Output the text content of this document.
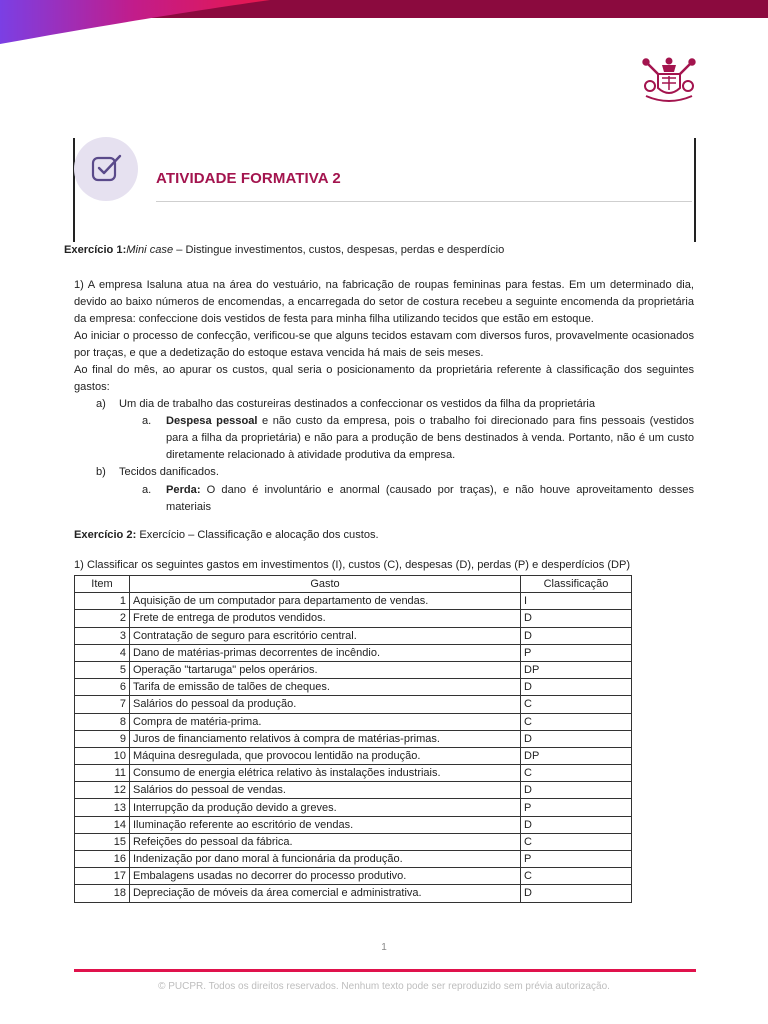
ATIVIDADE FORMATIVA 2
Exercício 1:Mini case – Distingue investimentos, custos, despesas, perdas e desperdício
1) A empresa Isaluna atua na área do vestuário, na fabricação de roupas femininas para festas. Em um determinado dia, devido ao baixo números de encomendas, a encarregada do setor de costura recebeu a seguinte encomenda da proprietária da empresa: confeccione dois vestidos de festa para minha filha utilizando tecidos que estão em estoque.
Ao iniciar o processo de confecção, verificou-se que alguns tecidos estavam com diversos furos, provavelmente ocasionados por traças, e que a dedetização do estoque estava vencida há mais de seis meses.
Ao final do mês, ao apurar os custos, qual seria o posicionamento da proprietária referente à classificação dos seguintes gastos:
a) Um dia de trabalho das costureiras destinados a confeccionar os vestidos da filha da proprietária
a. Despesa pessoal e não custo da empresa, pois o trabalho foi direcionado para fins pessoais (vestidos para a filha da proprietária) e não para a produção de bens destinados à venda. Portanto, não é um custo diretamente relacionado à atividade produtiva da empresa.
b) Tecidos danificados.
a. Perda: O dano é involuntário e anormal (causado por traças), e não houve aproveitamento desses materiais
Exercício 2: Exercício – Classificação e alocação dos custos.
1) Classificar os seguintes gastos em investimentos (I), custos (C), despesas (D), perdas (P) e desperdícios (DP)
Item	Gasto	Classificação
1	Aquisição de um computador para departamento de vendas.	I
2	Frete de entrega de produtos vendidos.	D
3	Contratação de seguro para escritório central.	D
4	Dano de matérias-primas decorrentes de incêndio.	P
5	Operação "tartaruga" pelos operários.	DP
6	Tarifa de emissão de talões de cheques.	D
7	Salários do pessoal da produção.	C
8	Compra de matéria-prima.	C
9	Juros de financiamento relativos à compra de matérias-primas.	D
10	Máquina desregulada, que provocou lentidão na produção.	DP
11	Consumo de energia elétrica relativo às instalações industriais.	C
12	Salários do pessoal de vendas.	D
13	Interrupção da produção devido a greves.	P
14	Iluminação referente ao escritório de vendas.	D
15	Refeições do pessoal da fábrica.	C
16	Indenização por dano moral à funcionária da produção.	P
17	Embalagens usadas no decorrer do processo produtivo.	C
18	Depreciação de móveis da área comercial e administrativa.	D
1
© PUCPR. Todos os direitos reservados. Nenhum texto pode ser reproduzido sem prévia autorização.
